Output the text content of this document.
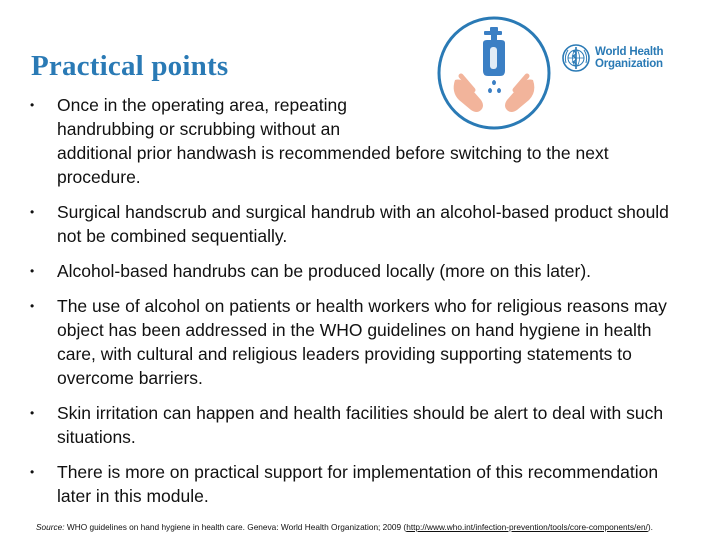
Practical points	World Health
Organization
•	Once in the operating area, repeating
handrubbing or scrubbing without an
additional prior handwash is recommended before switching to the next procedure.
•	Surgical handscrub and surgical handrub with an alcohol-based product should not be combined sequentially.
•	Alcohol-based handrubs can be produced locally (more on this later).
•	The use of alcohol on patients or health workers who for religious reasons may object has been addressed in the WHO guidelines on hand hygiene in health care, with cultural and religious leaders providing supporting statements to overcome barriers.
•	Skin irritation can happen and health facilities should be alert to deal with such situations.
•	There is more on practical support for implementation of this recommendation later in this module.
Source: WHO guidelines on hand hygiene in health care. Geneva: World Health Organization; 2009 (http://www.who.int/infection-prevention/tools/core-components/en/).
